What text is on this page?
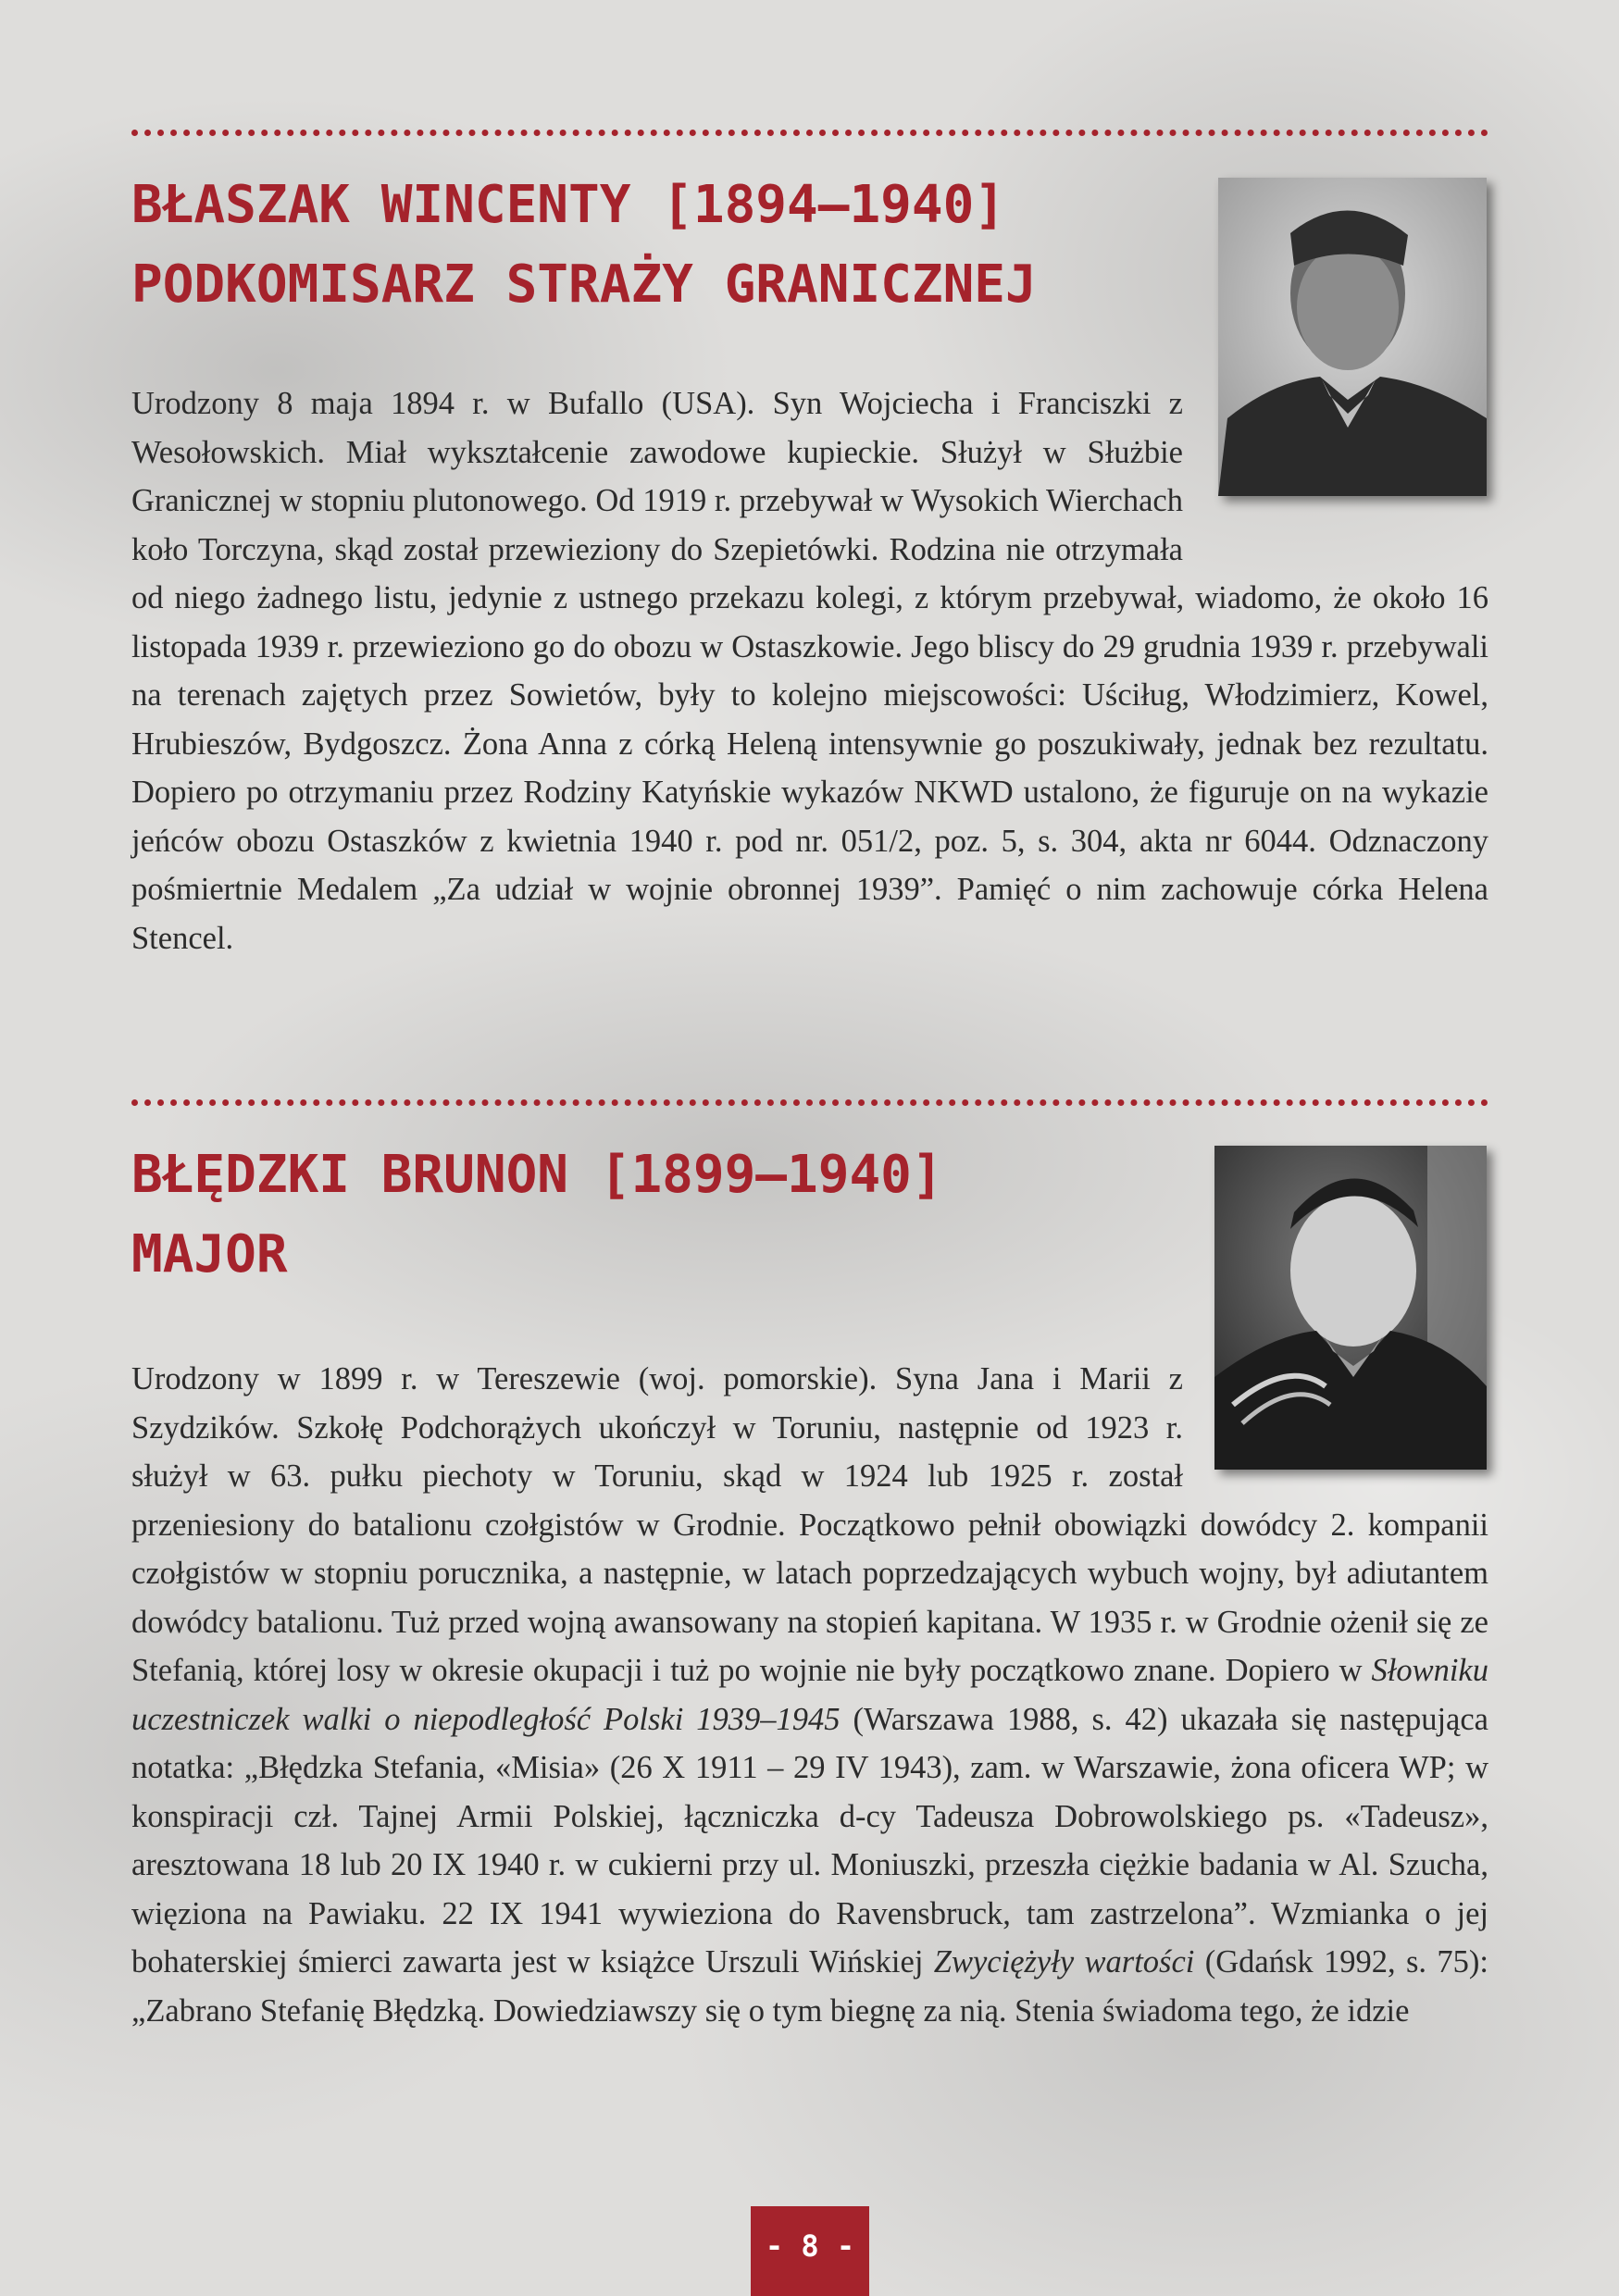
BŁASZAK WINCENTY [1894–1940]
PODKOMISARZ STRAŻY GRANICZNEJ

Urodzony 8 maja 1894 r. w Bufallo (USA). Syn Wojciecha i Franciszki z Wesołowskich. Miał wykształcenie zawodowe kupieckie. Służył w Służbie Granicznej w stopniu plutonowego. Od 1919 r. przebywał w Wysokich Wierchach koło Torczyna, skąd został przewieziony do Szepietówki. Rodzina nie otrzymała od niego żadnego listu, jedynie z ustnego przekazu kolegi, z którym przebywał, wiadomo, że około 16 listopada 1939 r. przewieziono go do obozu w Ostaszkowie. Jego bliscy do 29 grudnia 1939 r. przebywali na terenach zajętych przez Sowietów, były to kolejno miejscowości: Uściług, Włodzimierz, Kowel, Hrubieszów, Bydgoszcz. Żona Anna z córką Heleną intensywnie go poszukiwały, jednak bez rezultatu. Dopiero po otrzymaniu przez Rodziny Katyńskie wykazów NKWD ustalono, że figuruje on na wykazie jeńców obozu Ostaszków z kwietnia 1940 r. pod nr. 051/2, poz. 5, s. 304, akta nr 6044. Odznaczony pośmiertnie Medalem „Za udział w wojnie obronnej 1939”. Pamięć o nim zachowuje córka Helena Stencel.

BŁĘDZKI BRUNON [1899–1940]
MAJOR

Urodzony w 1899 r. w Tereszewie (woj. pomorskie). Syna Jana i Marii z Szydzików. Szkołę Podchorążych ukończył w Toruniu, następnie od 1923 r. służył w 63. pułku piechoty w Toruniu, skąd w 1924 lub 1925 r. został przeniesiony do batalionu czołgistów w Grodnie. Początkowo pełnił obowiązki dowódcy 2. kompanii czołgistów w stopniu porucznika, a następnie, w latach poprzedzających wybuch wojny, był adiutantem dowódcy batalionu. Tuż przed wojną awansowany na stopień kapitana. W 1935 r. w Grodnie ożenił się ze Stefanią, której losy w okresie okupacji i tuż po wojnie nie były początkowo znane. Dopiero w Słowniku uczestniczek walki o niepodległość Polski 1939–1945 (Warszawa 1988, s. 42) ukazała się następująca notatka: „Błędzka Stefania, «Misia» (26 X 1911 – 29 IV 1943), zam. w Warszawie, żona oficera WP; w konspiracji czł. Tajnej Armii Polskiej, łączniczka d-cy Tadeusza Dobrowolskiego ps. «Tadeusz», aresztowana 18 lub 20 IX 1940 r. w cukierni przy ul. Moniuszki, przeszła ciężkie badania w Al. Szucha, więziona na Pawiaku. 22 IX 1941 wywieziona do Ravensbruck, tam zastrzelona”. Wzmianka o jej bohaterskiej śmierci zawarta jest w książce Urszuli Wińskiej Zwyciężyły wartości (Gdańsk 1992, s. 75): „Zabrano Stefanię Błędzką. Dowiedziawszy się o tym biegnę za nią. Stenia świadoma tego, że idzie

- 8 -
